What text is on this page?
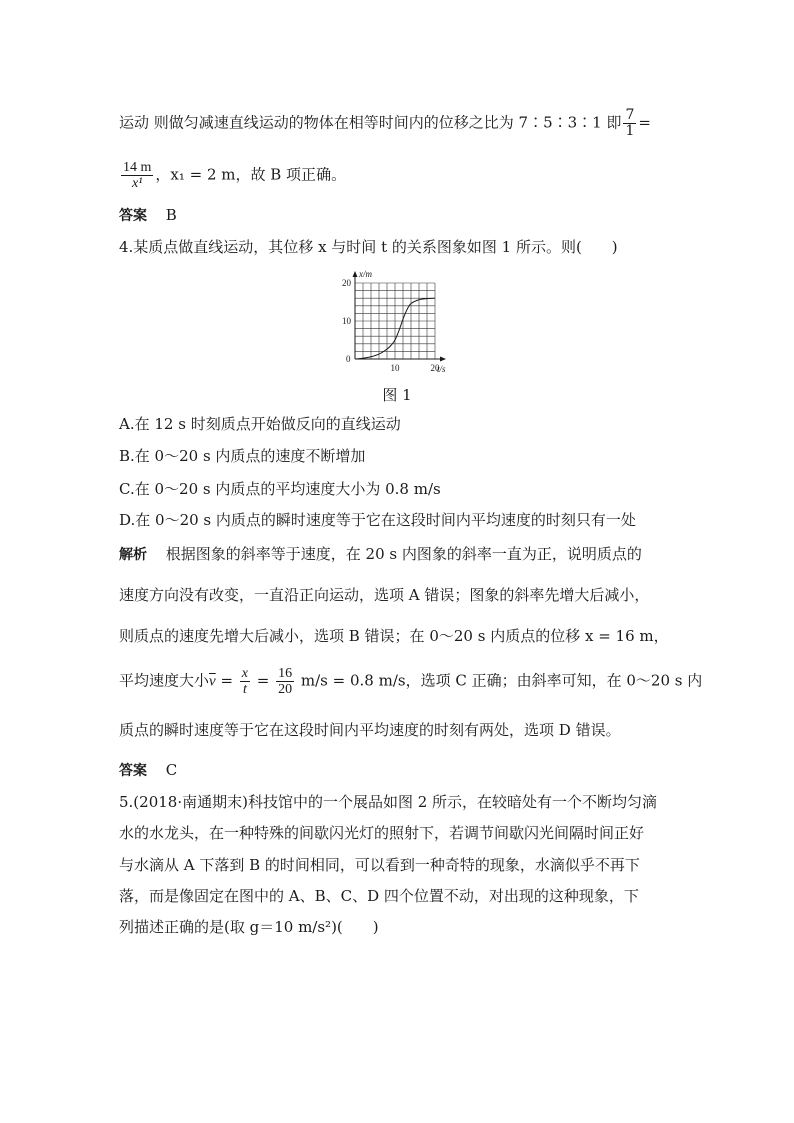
运动 则做匀减速直线运动的物体在相等时间内的位移之比为 7∶5∶3∶1 即 $\frac{7}{1}$ =
$\frac{14 m}{\text{x¹}}$ ，x₁ = 2 m，故 B 项正确。
答案 B
4.某质点做直线运动，其位移 x 与时间 t 的关系图象如图 1 所示。则(　　)
x/m
t/s
0
10
20
10	20
图 1
A.在 12 s 时刻质点开始做反向的直线运动
B.在 0～20 s 内质点的速度不断增加
C.在 0～20 s 内质点的平均速度大小为 0.8 m/s
D.在 0～20 s 内质点的瞬时速度等于它在这段时间内平均速度的时刻只有一处
解析 根据图象的斜率等于速度，在 20 s 内图象的斜率一直为正，说明质点的
速度方向没有改变，一直沿正向运动，选项 A 错误；图象的斜率先增大后减小，
则质点的速度先增大后减小，选项 B 错误；在 0～20 s 内质点的位移 x = 16 m，
平均速度大小$\overline{v} = \frac{x}{t} = \frac{16}{20} m/s = 0.8$ m/s，选项 C 正确；由斜率可知，在 0～20 s 内
质点的瞬时速度等于它在这段时间内平均速度的时刻有两处，选项 D 错误。
答案 C
5.(2018·南通期末)科技馆中的一个展品如图 2 所示，在较暗处有一个不断均匀滴
水的水龙头，在一种特殊的间歇闪光灯的照射下，若调节间歇闪光间隔时间正好
与水滴从 A 下落到 B 的时间相同，可以看到一种奇特的现象，水滴似乎不再下
落，而是像固定在图中的 A、B、C、D 四个位置不动，对出现的这种现象，下
列描述正确的是(取 g＝10 m/s²)(　　)
